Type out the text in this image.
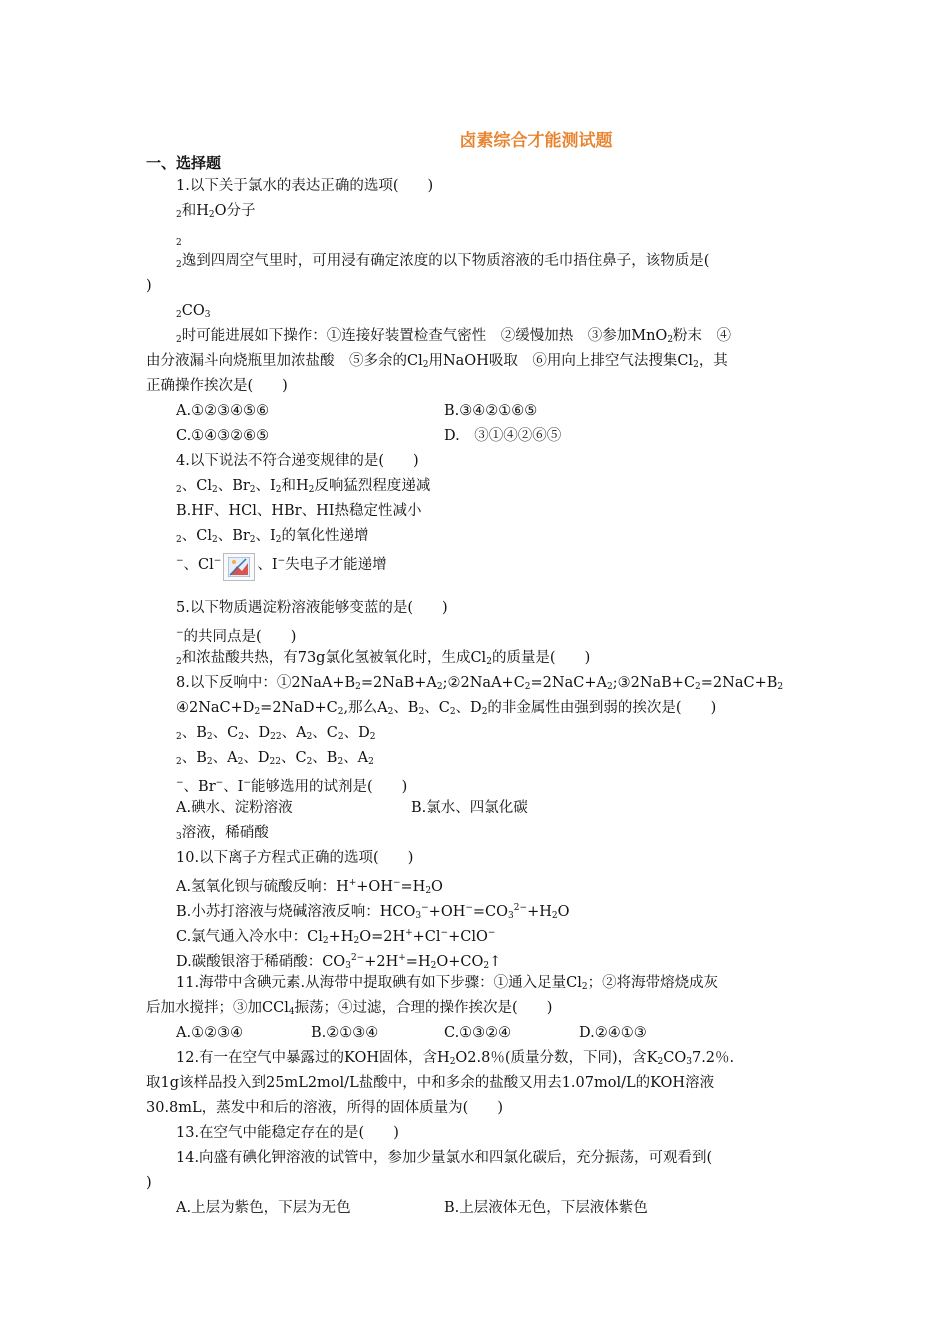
卤素综合才能测试题
一、选择题
1.以下关于氯水的表达正确的选项(　　)
$_2$和$H_2O$分子
$_2$
$_2$逸到四周空气里时，可用浸有确定浓度的以下物质溶液的毛巾捂住鼻子，该物质是(
)
$_2CO_3$
$_2$时可能进展如下操作：①连接好装置检查气密性　②缓慢加热　③参加MnO$_2$粉末　④
由分液漏斗向烧瓶里加浓盐酸　⑤多余的$Cl_2$用NaOH吸取　⑥用向上排空气法搜集$Cl_2$，其
正确操作挨次是(　　)
A.①②③④⑤⑥	B.③④②①⑥⑤
C.①④③②⑥⑤	D.　③①④②⑥⑤
4.以下说法不符合递变规律的是(　　)
$_2$、$Cl_2$、$Br_2$、$I_2$和$H_2$反响猛烈程度递减
B.HF、HCl、HBr、HI热稳定性减小
$_2$、$Cl_2$、$Br_2$、$I_2$的氧化性递增
−、Cl− 、I−失电子才能递增
5.以下物质遇淀粉溶液能够变蓝的是(　　)
−的共同点是(　　)
$_2$和浓盐酸共热，有73g氯化氢被氧化时，生成$Cl_2$的质量是(　　)
8.以下反响中：$①2NaA+B_2=2NaB+A_2;②2NaA+C_2=2NaC+A_2;③2NaB+C_2=2NaC+B_2$
$④2NaC+D_2=2NaD+C_2$,那么$A_2$、$B_2$、$C_2$、$D_2$的非金属性由强到弱的挨次是(　　)
$_2$、$B_2$、$C_2$、$D_{22}$、$A_2$、$C_2$、$D_2$
$_2$、$B_2$、$A_2$、$D_{22}$、$C_2$、$B_2$、$A_2$
−、Br−、I−能够选用的试剂是(　　)
A.碘水、淀粉溶液	B.氯水、四氯化碳
$_3$溶液，稀硝酸
10.以下离子方程式正确的选项(　　)
A.氢氧化钡与硫酸反响：$H^++OH^-=H_2O$
B.小苏打溶液与烧碱溶液反响：$HCO_3^-+OH^-=CO_3^{2-}+H_2O$
C.氯气通入冷水中：$Cl_2+H_2O=2H^++Cl^-+ClO^-$
D.碳酸银溶于稀硝酸：$CO_3^{2-}+2H^+=H_2O+CO_2↑$
11.海带中含碘元素.从海带中提取碘有如下步骤：①通入足量$Cl_2$；②将海带熔烧成灰
后加水搅拌；③加CCl$_4$振荡；④过滤，合理的操作挨次是(　　)
A.①②③④	B.②①③④	C.①③②④	D.②④①③
12.有一在空气中暴露过的KOH固体，含$H_2O2.8$％(质量分数，下同)，含$K_2CO_37.2$％.
取1g该样品投入到25mL2mol/L盐酸中，中和多余的盐酸又用去1.07mol/L的KOH溶液
30.8mL，蒸发中和后的溶液，所得的固体质量为(　　)
13.在空气中能稳定存在的是(　　)
14.向盛有碘化钾溶液的试管中，参加少量氯水和四氯化碳后，充分振荡，可观看到(
)
A.上层为紫色，下层为无色	B.上层液体无色，下层液体紫色
